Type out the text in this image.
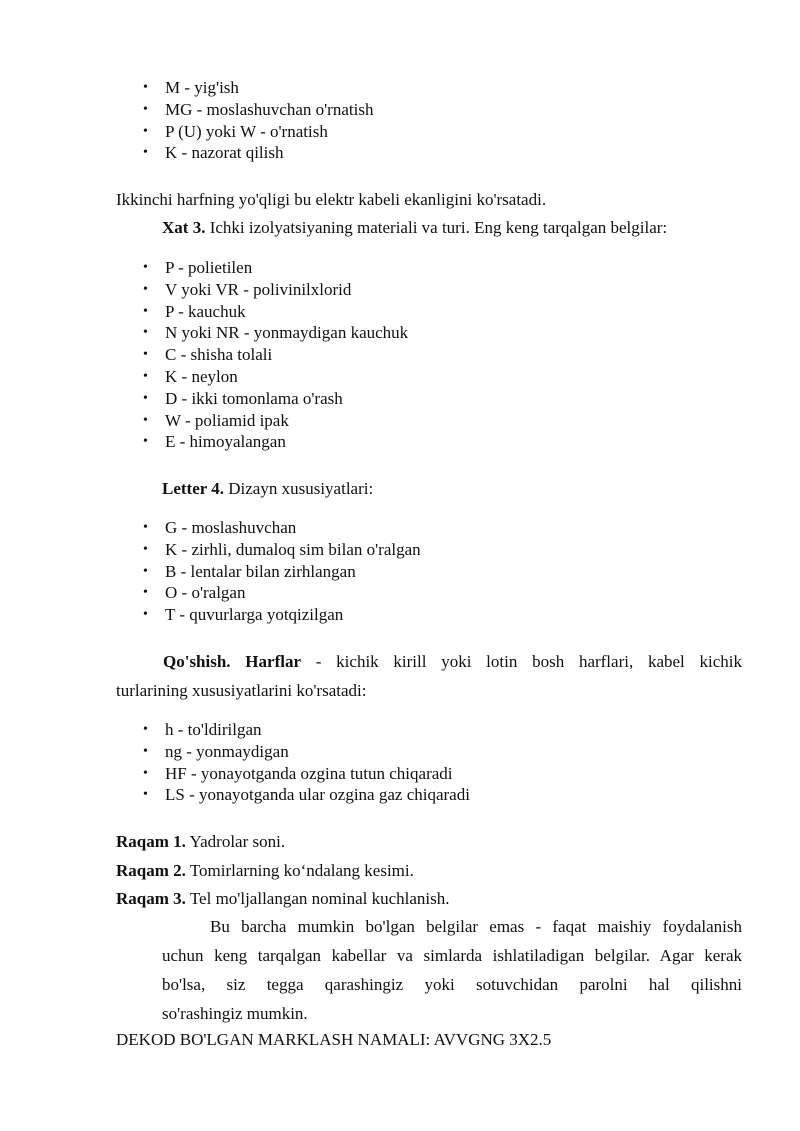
• M - yig'ish
• MG - moslashuvchan o'rnatish
• P (U) yoki W - o'rnatish
• K - nazorat qilish
Ikkinchi harfning yo'qligi bu elektr kabeli ekanligini ko'rsatadi.
Xat 3. Ichki izolyatsiyaning materiali va turi. Eng keng tarqalgan belgilar:
• P - polietilen
• V yoki VR - polivinilxlorid
• P - kauchuk
• N yoki NR - yonmaydigan kauchuk
• C - shisha tolali
• K - neylon
• D - ikki tomonlama o'rash
• W - poliamid ipak
• E - himoyalangan
Letter 4. Dizayn xususiyatlari:
• G - moslashuvchan
• K - zirhli, dumaloq sim bilan o'ralgan
• B - lentalar bilan zirhlangan
• O - o'ralgan
• T - quvurlarga yotqizilgan
Qo'shish. Harflar - kichik kirill yoki lotin bosh harflari, kabel kichik
turlarining xususiyatlarini ko'rsatadi:
• h - to'ldirilgan
• ng - yonmaydigan
• HF - yonayotganda ozgina tutun chiqaradi
• LS - yonayotganda ular ozgina gaz chiqaradi
Raqam 1. Yadrolar soni.
Raqam 2. Tomirlarning ko‘ndalang kesimi.
Raqam 3. Tel mo'ljallangan nominal kuchlanish.
Bu barcha mumkin bo'lgan belgilar emas - faqat maishiy foydalanish
uchun keng tarqalgan kabellar va simlarda ishlatiladigan belgilar. Agar kerak
bo'lsa, siz tegga qarashingiz yoki sotuvchidan parolni hal qilishni
so'rashingiz mumkin.
DEKOD BO'LGAN MARKLASH NAMALI: AVVGNG 3X2.5
